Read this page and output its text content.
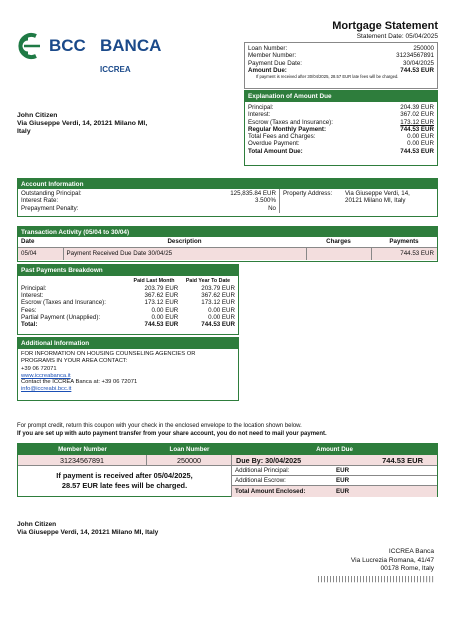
BCC BANCA
ICCREA
Mortgage Statement
Statement Date: 05/04/2025
Loan Number:	250000
Member Number:	31234567891
Payment Due Date:	30/04/2025
Amount Due:	744.53 EUR
If payment is received after 30/04/2025, 28.57 EUR late fees will be charged.
John Citizen
Via Giuseppe Verdi, 14, 20121 Milano MI,
Italy
Explanation of Amount Due
Principal:	204.39 EUR
Interest:	367.02 EUR
Escrow (Taxes and Insurance):	173.12 EUR
Regular Monthly Payment:	744.53 EUR
Total Fees and Charges:	0.00 EUR
Overdue Payment:	0.00 EUR
Total Amount Due:	744.53 EUR
Account Information
Outstanding Principal:	125,835.84 EUR
Interest Rate:	3.500%
Prepayment Penalty:	No
Property Address:	Via Giuseppe Verdi, 14,
20121 Milano MI, Italy
Transaction Activity (05/04 to 30/04)
Date	Description	Charges	Payments
05/04	Payment Received Due Date 30/04/25		744.53 EUR
Past Payments Breakdown
Paid Last Month	Paid Year To Date
Principal:	203.79 EUR	203.79 EUR
Interest:	367.62 EUR	367.62 EUR
Escrow (Taxes and Insurance):	173.12 EUR	173.12 EUR
Fees:	0.00 EUR	0.00 EUR
Partial Payment (Unapplied):	0.00 EUR	0.00 EUR
Total:	744.53 EUR	744.53 EUR
Additional Information
FOR INFORMATION ON HOUSING COUNSELING AGENCIES OR
PROGRAMS IN YOUR AREA CONTACT:
+39 06 72071
www.iccreabanca.it
Contact the ICCREA Banca at: +39 06 72071
info@iccreabi.bcc.it
For prompt credit, return this coupon with your check in the enclosed envelope to the location shown below.
If you are set up with auto payment transfer from your share account, you do not need to mail your payment.
Member Number	Loan Number	Amount Due
31234567891	250000	Due By: 30/04/2025	744.53 EUR
If payment is received after 05/04/2025,
28.57 EUR late fees will be charged.
Additional Principal:	EUR
Additional Escrow:	EUR
Total Amount Enclosed:	EUR
John Citizen
Via Giuseppe Verdi, 14, 20121 Milano MI, Italy
ICCREA Banca
Via Lucrezia Romana, 41/47
00178 Rome, Italy
|||||||||||||||||||||||||||||||||||||||
